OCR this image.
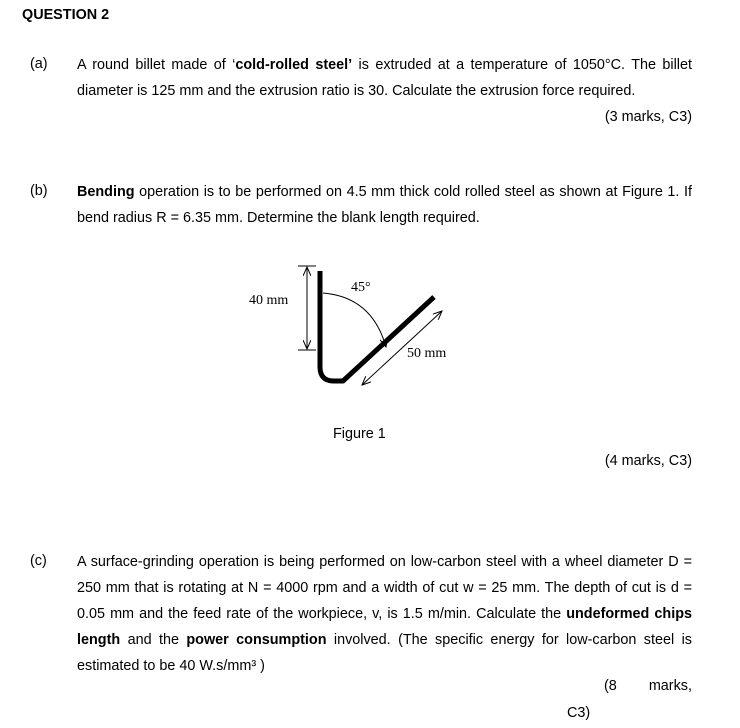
QUESTION 2
(a) A round billet made of ‘cold-rolled steel’ is extruded at a temperature of 1050°C. The billet diameter is 125 mm and the extrusion ratio is 30. Calculate the extrusion force required.

(3 marks, C3)
(b) Bending operation is to be performed on 4.5 mm thick cold rolled steel as shown at Figure 1. If bend radius R = 6.35 mm. Determine the blank length required.

40 mm
45°
50 mm
Figure 1
(4 marks, C3)
(c) A surface-grinding operation is being performed on low-carbon steel with a wheel diameter D = 250 mm that is rotating at N = 4000 rpm and a width of cut w = 25 mm. The depth of cut is d = 0.05 mm and the feed rate of the workpiece, v, is 1.5 m/min. Calculate the undeformed chips length and the power consumption involved. (The specific energy for low-carbon steel is estimated to be 40 W.s/mm³ )

(8 marks,
C3)
